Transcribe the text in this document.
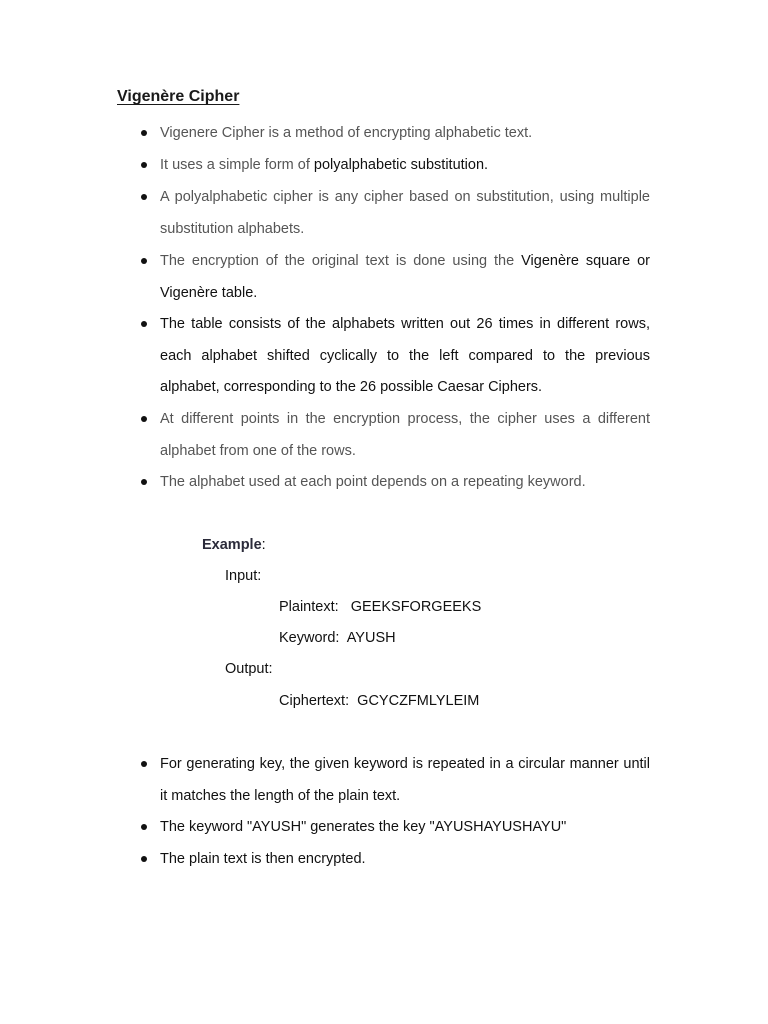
Vigenère Cipher
Vigenere Cipher is a method of encrypting alphabetic text.
It uses a simple form of polyalphabetic substitution.
A polyalphabetic cipher is any cipher based on substitution, using multiple substitution alphabets.
The encryption of the original text is done using the Vigenère square or Vigenère table.
The table consists of the alphabets written out 26 times in different rows, each alphabet shifted cyclically to the left compared to the previous alphabet, corresponding to the 26 possible Caesar Ciphers.
At different points in the encryption process, the cipher uses a different alphabet from one of the rows.
The alphabet used at each point depends on a repeating keyword.
Example:
Input:
Plaintext:   GEEKSFORGEEKS
Keyword:  AYUSH
Output:
Ciphertext:  GCYCZFMLYLEIM
For generating key, the given keyword is repeated in a circular manner until it matches the length of the plain text.
The keyword "AYUSH" generates the key "AYUSHAYUSHAYU"
The plain text is then encrypted.
